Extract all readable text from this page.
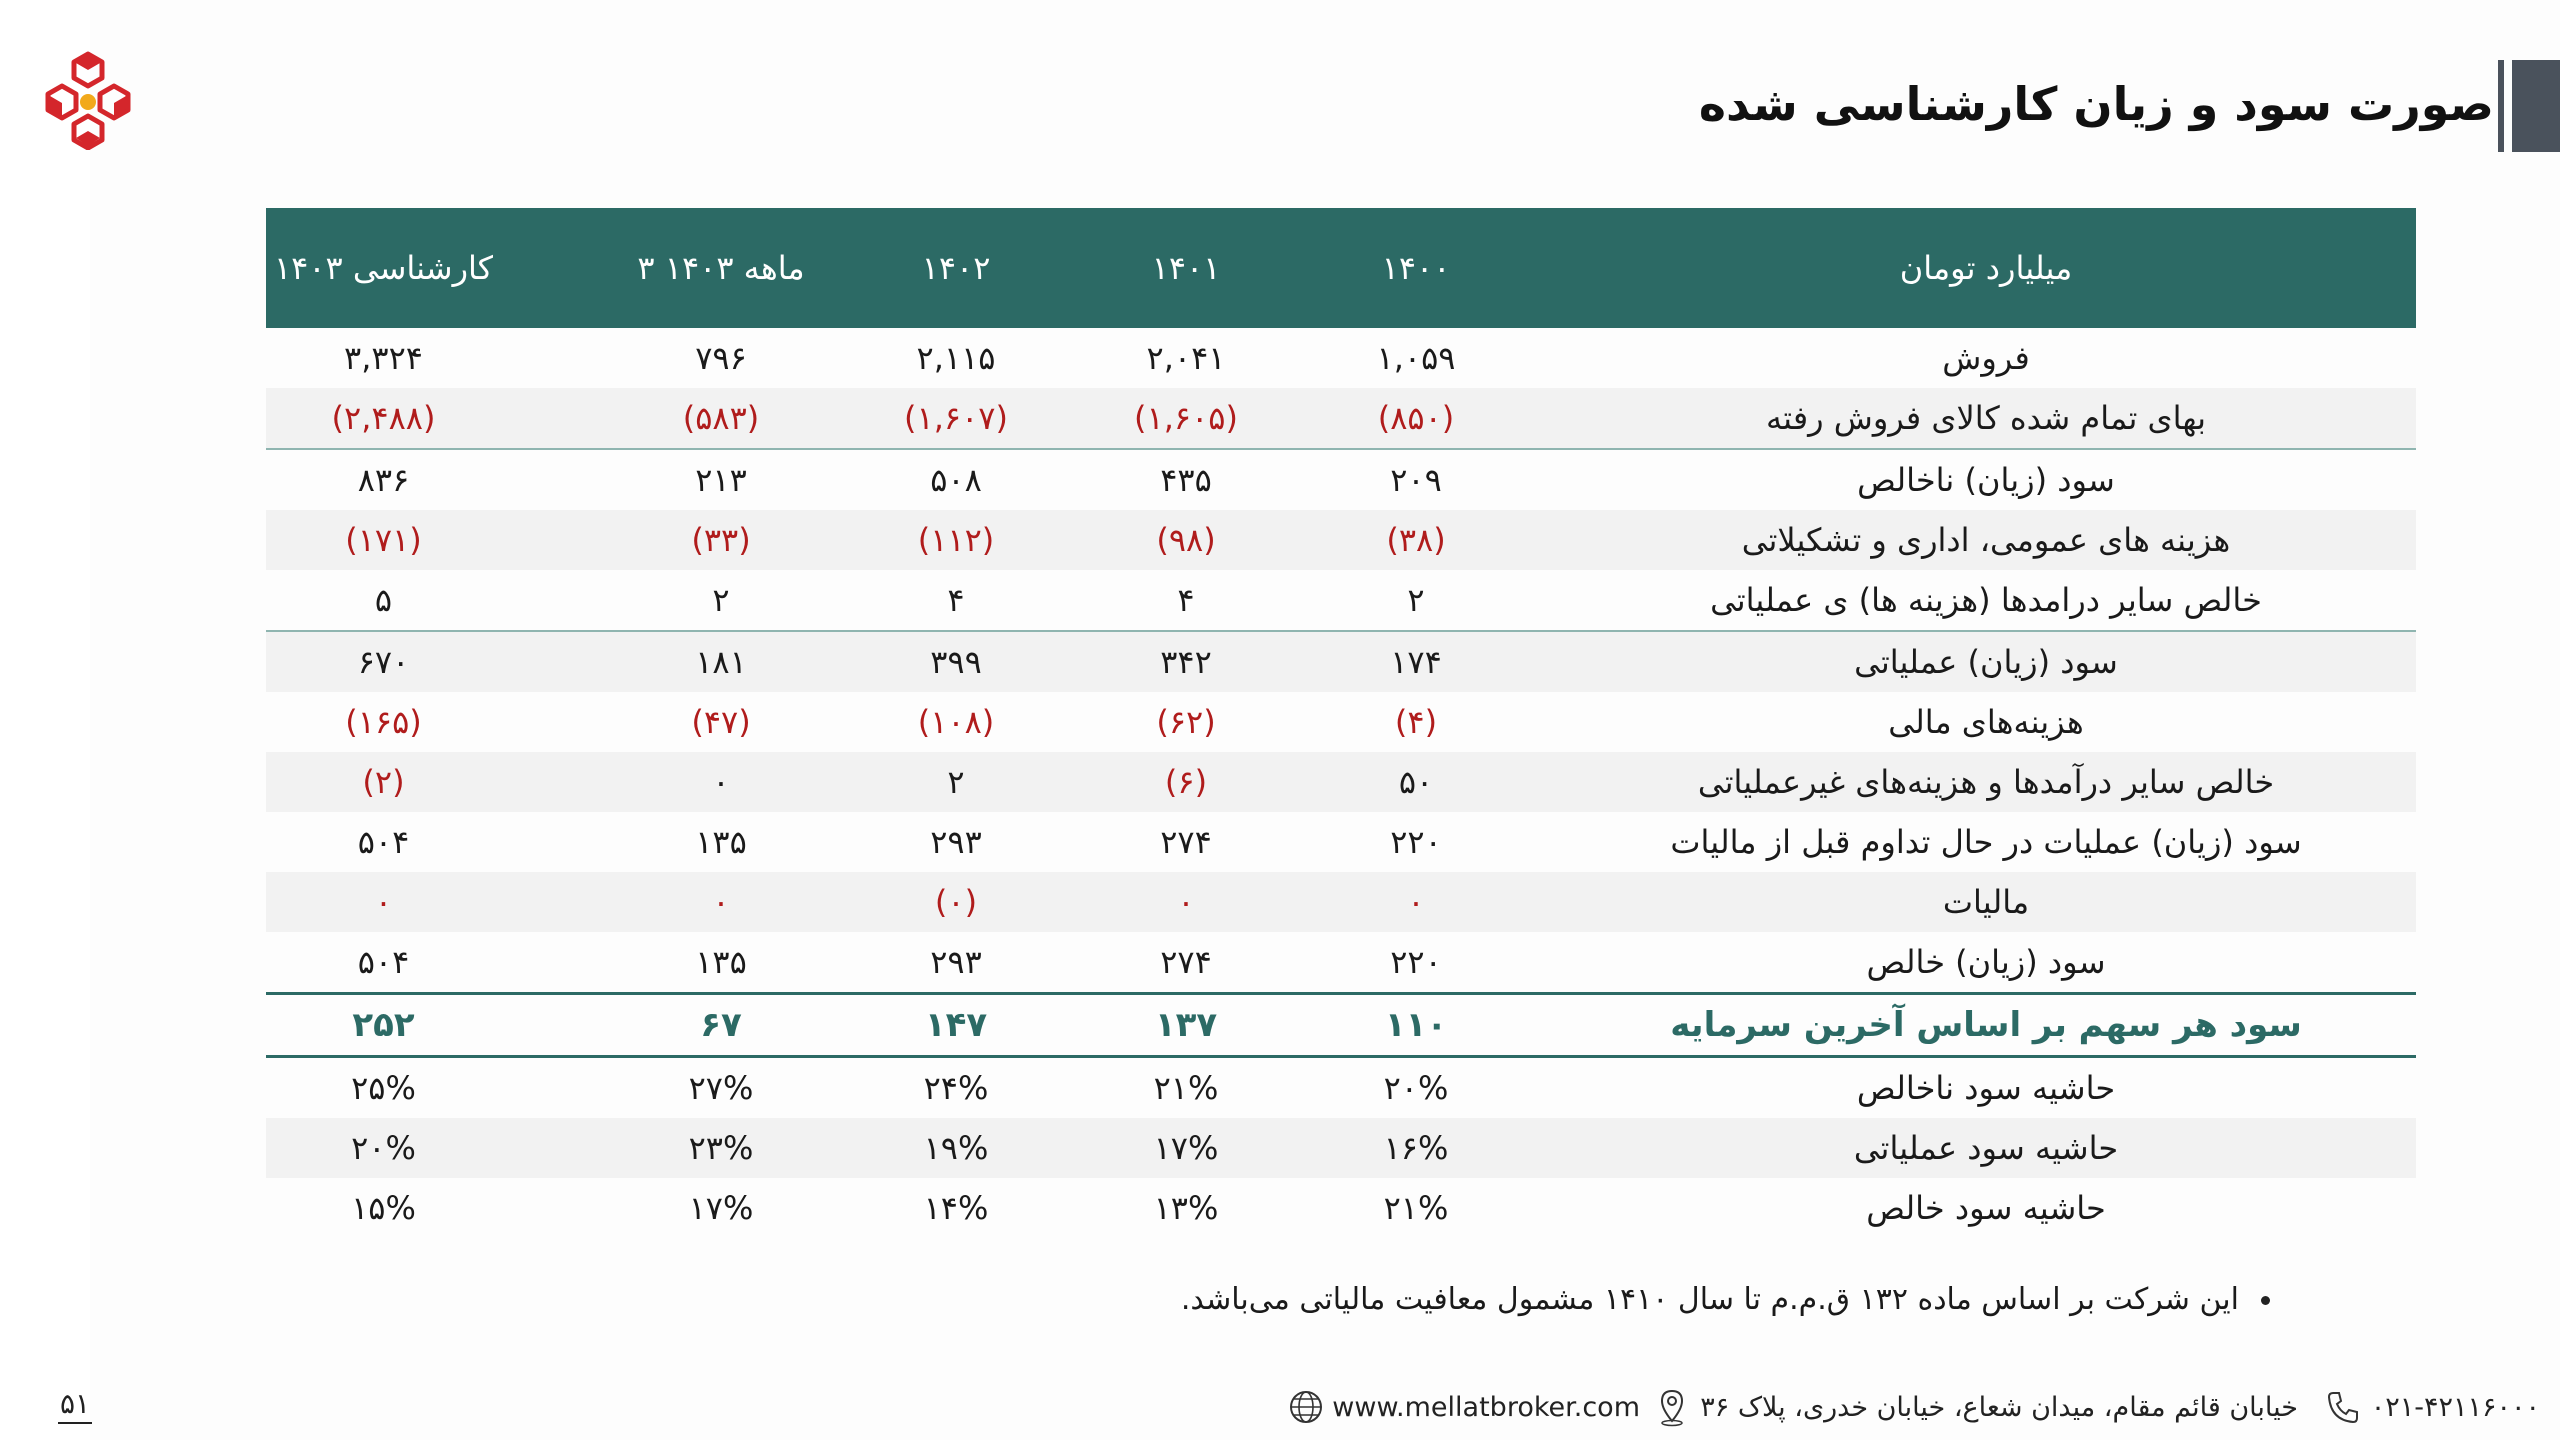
صورت سود و زیان کارشناسی شده
میلیارد تومان
۱۴۰۰
۱۴۰۱
۱۴۰۲
۳ ماهه ۱۴۰۳
کارشناسی ۱۴۰۳
فروش
۱,۰۵۹
۲,۰۴۱
۲,۱۱۵
۷۹۶
۳,۳۲۴
بهای تمام شده کالای فروش رفته
(۸۵۰)
(۱,۶۰۵)
(۱,۶۰۷)
(۵۸۳)
(۲,۴۸۸)
سود (زیان) ناخالص
۲۰۹
۴۳۵
۵۰۸
۲۱۳
۸۳۶
هزینه های عمومی، اداری و تشکیلاتی
(۳۸)
(۹۸)
(۱۱۲)
(۳۳)
(۱۷۱)
خالص سایر درامدها (هزینه ها) ی عملیاتی
۲
۴
۴
۲
۵
سود (زیان) عملیاتی
۱۷۴
۳۴۲
۳۹۹
۱۸۱
۶۷۰
هزینه‌های مالی
(۴)
(۶۲)
(۱۰۸)
(۴۷)
(۱۶۵)
خالص سایر درآمدها و هزینه‌های غیرعملیاتی
۵۰
(۶)
۲
۰
(۲)
سود (زیان) عملیات در حال تداوم قبل از مالیات
۲۲۰
۲۷۴
۲۹۳
۱۳۵
۵۰۴
مالیات
۰
۰
(۰)
۰
۰
سود (زیان) خالص
۲۲۰
۲۷۴
۲۹۳
۱۳۵
۵۰۴
سود هر سهم بر اساس آخرین سرمایه
۱۱۰
۱۳۷
۱۴۷
۶۷
۲۵۲
حاشیه سود ناخالص
۲۰%
۲۱%
۲۴%
۲۷%
۲۵%
حاشیه سود عملیاتی
۱۶%
۱۷%
۱۹%
۲۳%
۲۰%
حاشیه سود خالص
۲۱%
۱۳%
۱۴%
۱۷%
۱۵%
این شرکت بر اساس ماده ۱۳۲ ق.م.م تا سال ۱۴۱۰ مشمول معافیت مالیاتی می‌باشد.
۰۲۱-۴۲۱۱۶۰۰۰
خیابان قائم مقام، میدان شعاع، خیابان خدری، پلاک ۳۶
www.mellatbroker.com
۵۱
